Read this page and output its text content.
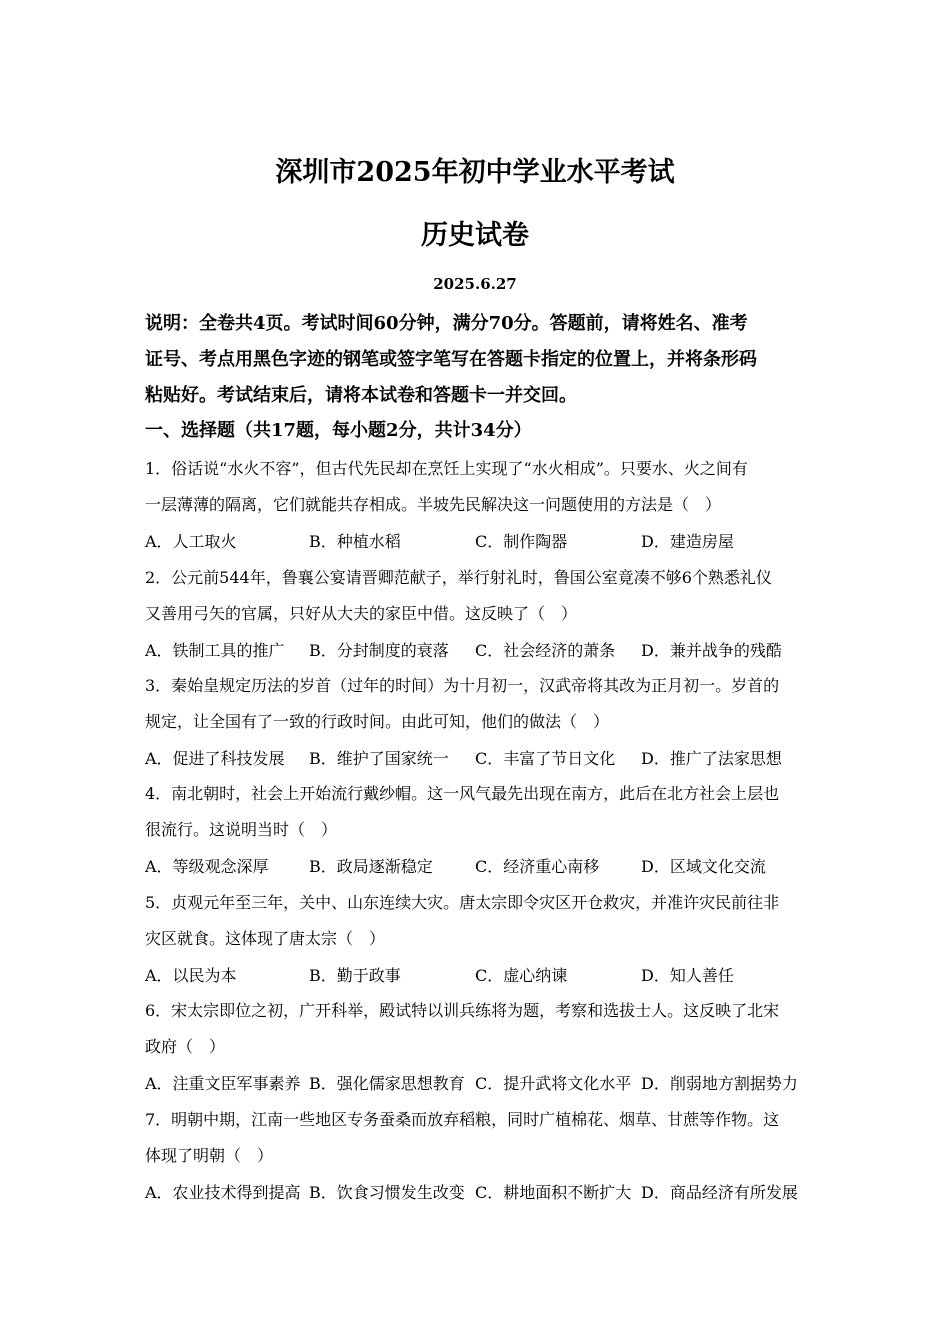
深圳市2025年初中学业水平考试
历史试卷
2025.6.27
说明：全卷共4页。考试时间60分钟，满分70分。答题前，请将姓名、准考
证号、考点用黑色字迹的钢笔或签字笔写在答题卡指定的位置上，并将条形码
粘贴好。考试结束后，请将本试卷和答题卡一并交回。
一、选择题（共17题，每小题2分，共计34分）
1．俗话说“水火不容”，但古代先民却在烹饪上实现了“水火相成”。只要水、火之间有
一层薄薄的隔离，它们就能共存相成。半坡先民解决这一问题使用的方法是（　）
A．人工取火	B．种植水稻	C．制作陶器	D．建造房屋
2．公元前544年，鲁襄公宴请晋卿范献子，举行射礼时，鲁国公室竟凑不够6个熟悉礼仪
又善用弓矢的官属，只好从大夫的家臣中借。这反映了（　）
A．铁制工具的推广 B．分封制度的衰落 C．社会经济的萧条 D．兼并战争的残酷
3．秦始皇规定历法的岁首（过年的时间）为十月初一，汉武帝将其改为正月初一。岁首的
规定，让全国有了一致的行政时间。由此可知，他们的做法（　）
A．促进了科技发展 B．维护了国家统一 C．丰富了节日文化 D．推广了法家思想
4．南北朝时，社会上开始流行戴纱帽。这一风气最先出现在南方，此后在北方社会上层也
很流行。这说明当时（　）
A．等级观念深厚	B．政局逐渐稳定	C．经济重心南移	D．区域文化交流
5．贞观元年至三年，关中、山东连续大灾。唐太宗即令灾区开仓救灾，并准许灾民前往非
灾区就食。这体现了唐太宗（　）
A．以民为本	B．勤于政事	C．虚心纳谏	D．知人善任
6．宋太宗即位之初，广开科举，殿试特以训兵练将为题，考察和选拔士人。这反映了北宋
政府（　）
A．注重文臣军事素养 B．强化儒家思想教育 C．提升武将文化水平 D．削弱地方割据势力
7．明朝中期，江南一些地区专务蚕桑而放弃稻粮，同时广植棉花、烟草、甘蔗等作物。这
体现了明朝（　）
A．农业技术得到提高 B．饮食习惯发生改变 C．耕地面积不断扩大 D．商品经济有所发展
